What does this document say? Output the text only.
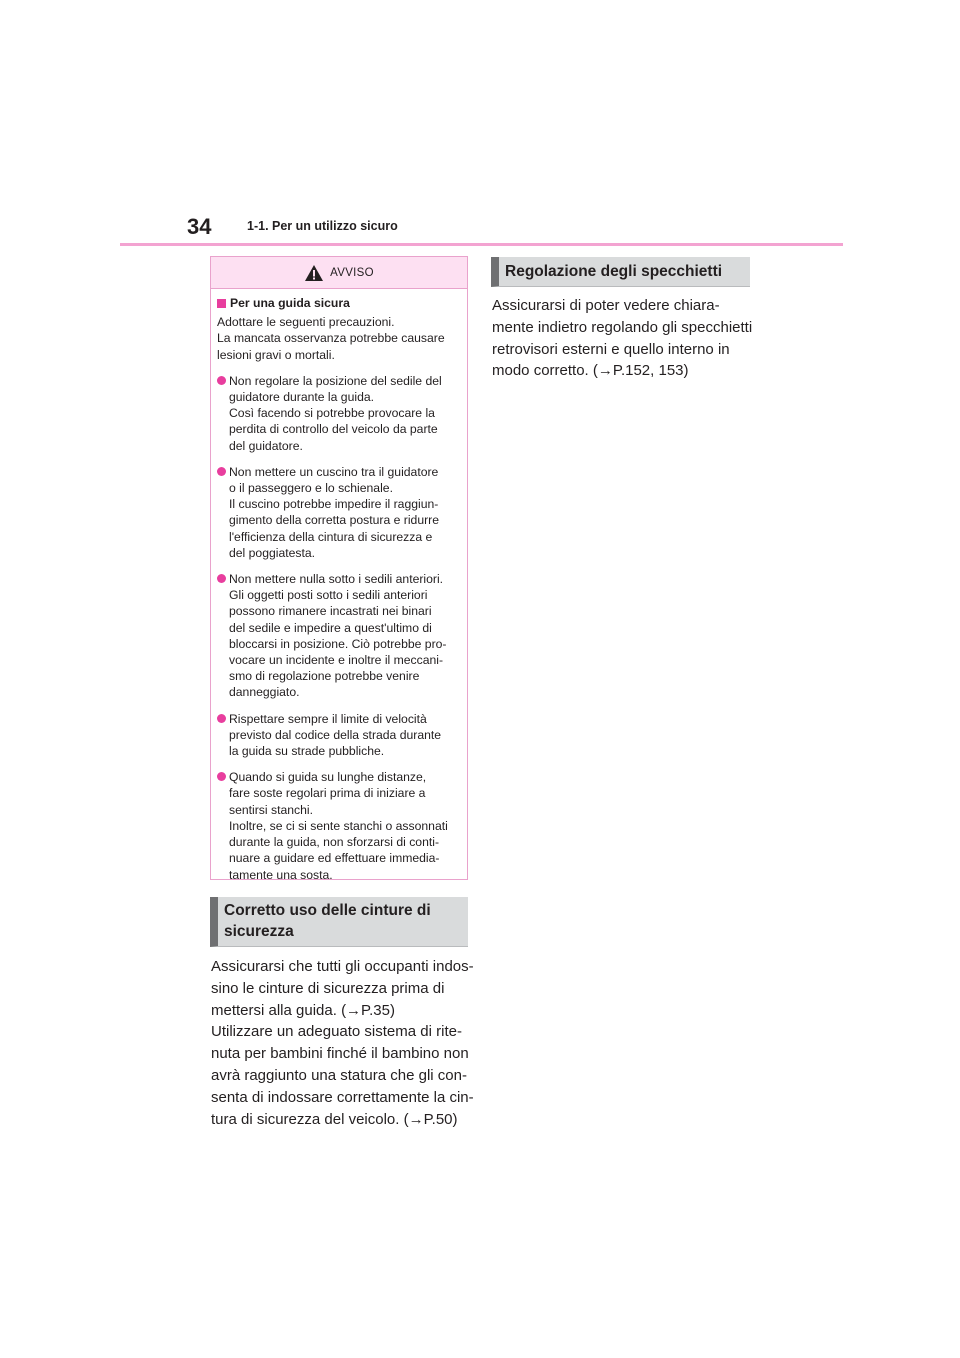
34	1-1. Per un utilizzo sicuro
AVVISO
Per una guida sicura
Adottare le seguenti precauzioni.
La mancata osservanza potrebbe causare
lesioni gravi o mortali.
Non regolare la posizione del sedile del
guidatore durante la guida.
Così facendo si potrebbe provocare la
perdita di controllo del veicolo da parte
del guidatore.
Non mettere un cuscino tra il guidatore
o il passeggero e lo schienale.
Il cuscino potrebbe impedire il raggiun-
gimento della corretta postura e ridurre
l'efficienza della cintura di sicurezza e
del poggiatesta.
Non mettere nulla sotto i sedili anteriori.
Gli oggetti posti sotto i sedili anteriori
possono rimanere incastrati nei binari
del sedile e impedire a quest'ultimo di
bloccarsi in posizione. Ciò potrebbe pro-
vocare un incidente e inoltre il meccani-
smo di regolazione potrebbe venire
danneggiato.
Rispettare sempre il limite di velocità
previsto dal codice della strada durante
la guida su strade pubbliche.
Quando si guida su lunghe distanze,
fare soste regolari prima di iniziare a
sentirsi stanchi.
Inoltre, se ci si sente stanchi o assonnati
durante la guida, non sforzarsi di conti-
nuare a guidare ed effettuare immedia-
tamente una sosta.
Corretto uso delle cinture di
sicurezza
Assicurarsi che tutti gli occupanti indos-
sino le cinture di sicurezza prima di
mettersi alla guida. (→P.35)
Utilizzare un adeguato sistema di rite-
nuta per bambini finché il bambino non
avrà raggiunto una statura che gli con-
senta di indossare correttamente la cin-
tura di sicurezza del veicolo. (→P.50)
Regolazione degli specchietti
Assicurarsi di poter vedere chiara-
mente indietro regolando gli specchietti
retrovisori esterni e quello interno in
modo corretto. (→P.152, 153)
